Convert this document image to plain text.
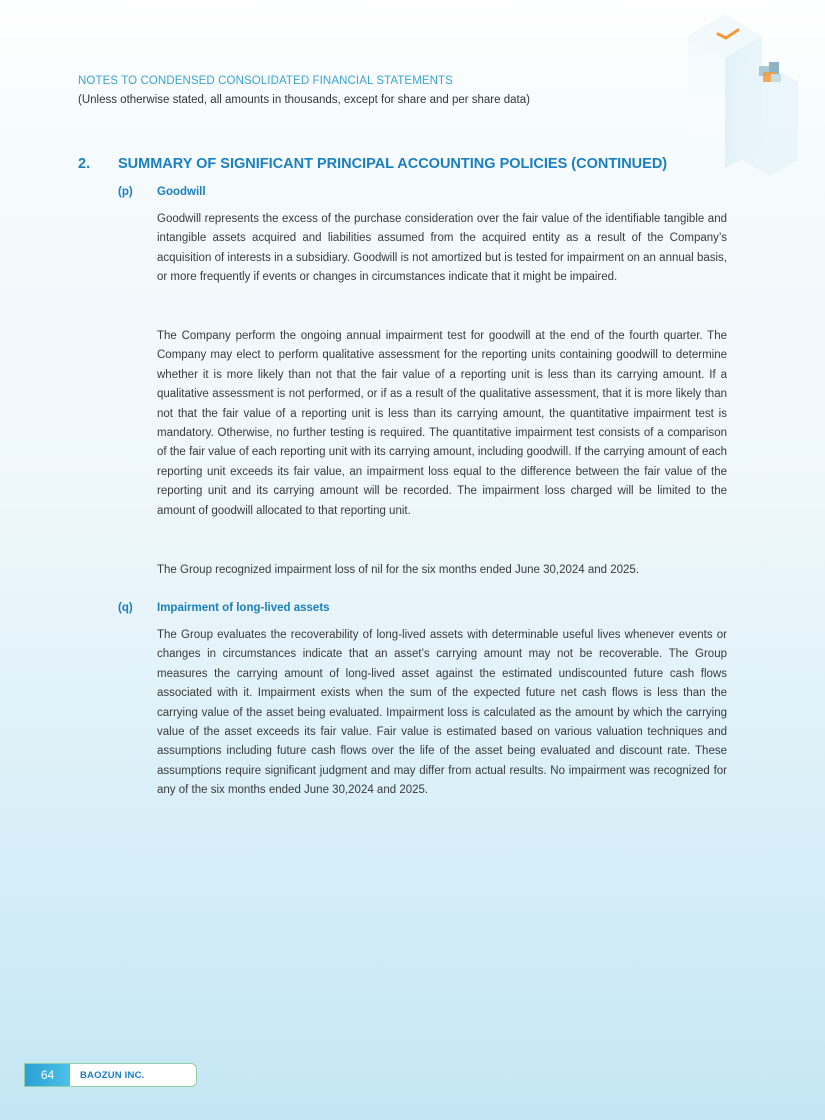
NOTES TO CONDENSED CONSOLIDATED FINANCIAL STATEMENTS
(Unless otherwise stated, all amounts in thousands, except for share and per share data)
2.	SUMMARY OF SIGNIFICANT PRINCIPAL ACCOUNTING POLICIES (CONTINUED)
(p)	Goodwill

Goodwill represents the excess of the purchase consideration over the fair value of the identifiable tangible and intangible assets acquired and liabilities assumed from the acquired entity as a result of the Company’s acquisition of interests in a subsidiary. Goodwill is not amortized but is tested for impairment on an annual basis, or more frequently if events or changes in circumstances indicate that it might be impaired.

The Company perform the ongoing annual impairment test for goodwill at the end of the fourth quarter. The Company may elect to perform qualitative assessment for the reporting units containing goodwill to determine whether it is more likely than not that the fair value of a reporting unit is less than its carrying amount. If a qualitative assessment is not performed, or if as a result of the qualitative assessment, that it is more likely than not that the fair value of a reporting unit is less than its carrying amount, the quantitative impairment test is mandatory. Otherwise, no further testing is required. The quantitative impairment test consists of a comparison of the fair value of each reporting unit with its carrying amount, including goodwill. If the carrying amount of each reporting unit exceeds its fair value, an impairment loss equal to the difference between the fair value of the reporting unit and its carrying amount will be recorded. The impairment loss charged will be limited to the amount of goodwill allocated to that reporting unit.

The Group recognized impairment loss of nil for the six months ended June 30,2024 and 2025.

(q)	Impairment of long-lived assets

The Group evaluates the recoverability of long-lived assets with determinable useful lives whenever events or changes in circumstances indicate that an asset’s carrying amount may not be recoverable. The Group measures the carrying amount of long-lived asset against the estimated undiscounted future cash flows associated with it. Impairment exists when the sum of the expected future net cash flows is less than the carrying value of the asset being evaluated. Impairment loss is calculated as the amount by which the carrying value of the asset exceeds its fair value. Fair value is estimated based on various valuation techniques and assumptions including future cash flows over the life of the asset being evaluated and discount rate. These assumptions require significant judgment and may differ from actual results. No impairment was recognized for any of the six months ended June 30,2024 and 2025.

64	BAOZUN INC.
